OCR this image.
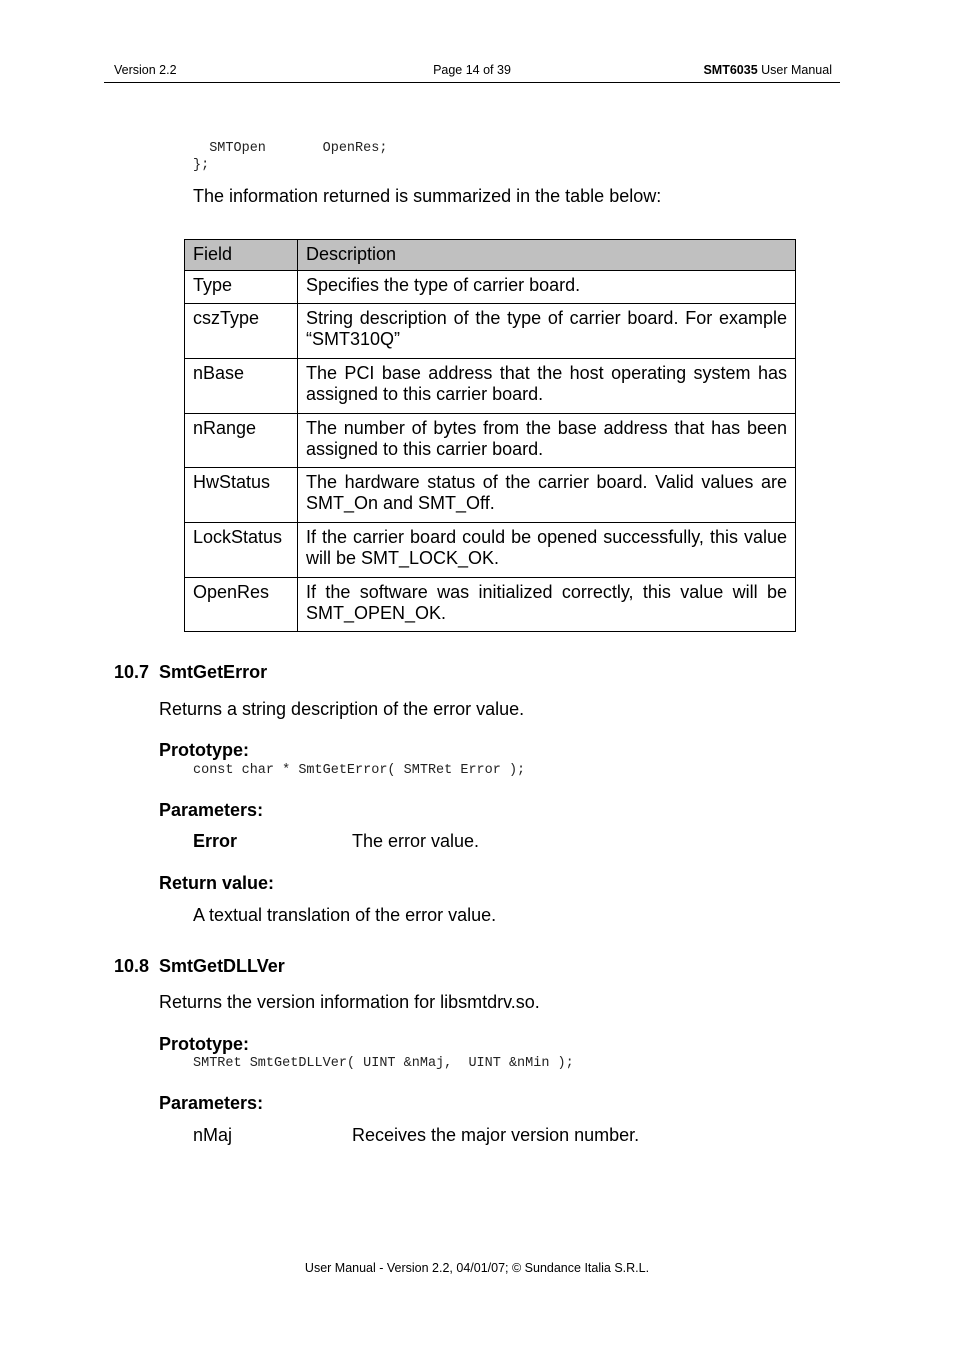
Version 2.2	Page 14 of 39	SMT6035 User Manual
SMTOpen       OpenRes;
};
The information returned is summarized in the table below:
Field	Description
Type	Specifies the type of carrier board.
cszType	String description of the type of carrier board. For example “SMT310Q”
nBase	The PCI base address that the host operating system has assigned to this carrier board.
nRange	The number of bytes from the base address that has been assigned to this carrier board.
HwStatus	The hardware status of the carrier board. Valid values are SMT_On and SMT_Off.
LockStatus	If the carrier board could be opened successfully, this value will be SMT_LOCK_OK.
OpenRes	If the software was initialized correctly, this value will be SMT_OPEN_OK.
10.7 SmtGetError
Returns a string description of the error value.
Prototype:
const char * SmtGetError( SMTRet Error );
Parameters:
Error	The error value.
Return value:
A textual translation of the error value.
10.8 SmtGetDLLVer
Returns the version information for libsmtdrv.so.
Prototype:
SMTRet SmtGetDLLVer( UINT &nMaj,  UINT &nMin );
Parameters:
nMaj	Receives the major version number.
User Manual - Version 2.2, 04/01/07; © Sundance Italia S.R.L.
